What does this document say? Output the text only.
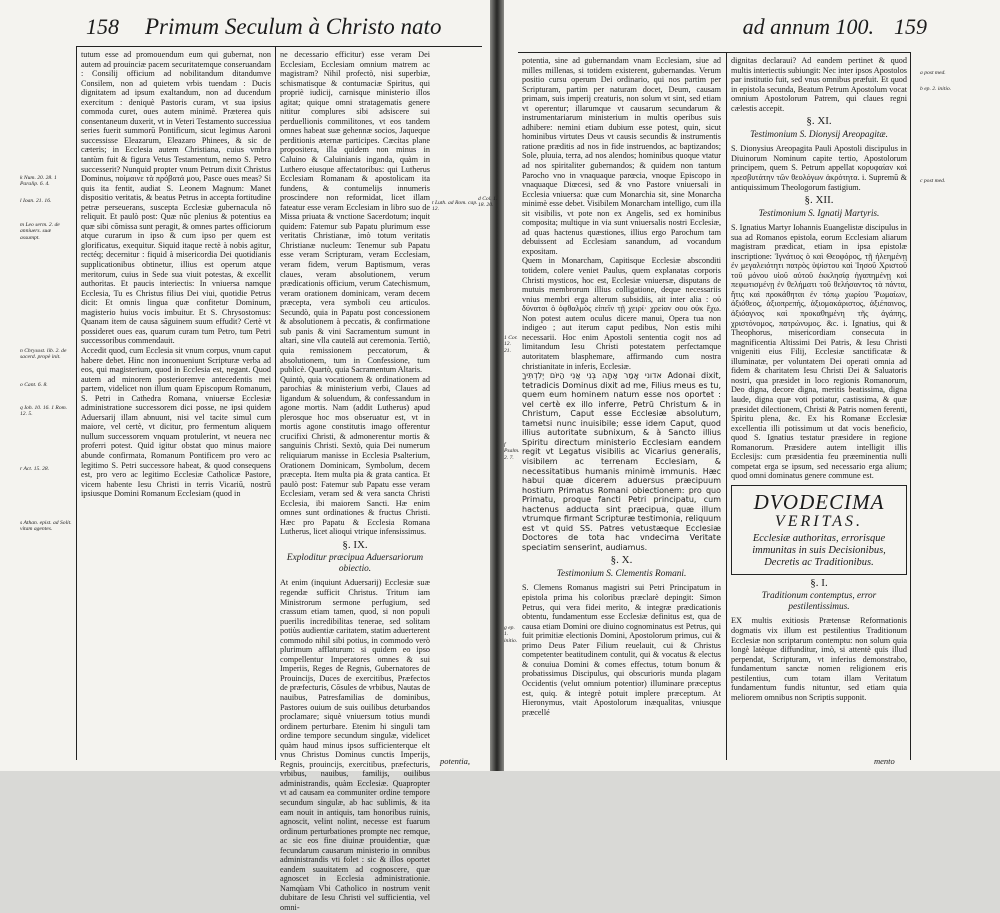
158 Primum Seculum à Christo nato
k Num. 20. 28. 1 Paralip. 6. 4.
l Ioan. 21. 16.
m Leo serm. 2. de anniuers. suæ assumpt.
n Chrysost. lib. 2. de sacerd. propè init.
o Cant. 6. 8.
q Ioh. 10. 16. 1 Rom. 12. 5.
r Act. 15. 28.
s Athan. epist. ad Solit. vitam agentes.
t Luth. ad Rom. cap. 12.

tutum esse ad promouendum eum qui gubernat, non autem ad prouinciæ pacem securitatemque conseruandam : Consilij officium ad nobilitandum ditandumve Consilem, non ad quietem vrbis tuendam : Ducis dignitatem ad ipsum exaltandum, non ad ducendum exercitum : deniquè Pastoris curam, vt sua ipsius commoda curet, oues autem minimè. Præterea quis consentaneum duxerit, vt in Veteri Testamento successiua series fuerit summorū Pontificum, sicut legimus Aaroni successisse Eleazarum, Eleazaro Phinees, & sic de cæteris; in Ecclesia autem Christiana, cuius vmbra tantùm fuit & figura Vetus Testamentum, nemo S. Petro successerit? Nunquid propter vnum Petrum dixit Christus Dominus, ποίμαινε τὰ πρόβατά μου, Pasce oues meas? Si quis ita fentit, audiat S. Leonem Magnum: Manet dispositio veritatis, & beatus Petrus in accepta fortitudine petræ perseuerans, suscepta Ecclesiæ gubernacula nō reliquit. Et paulò post: Quæ nūc plenius & potentius ea quæ sibi cōmissa sunt peragit, & omnes partes officiorum atque curarum in ipso & cum ipso per quem est glorificatus, exequitur. Siquid itaque rectè à nobis agitur, rectéq; decernitur : fiquid à misericordia Dei quotidianis supplicationibus obtinetur, illius est operum atque meritorum, cuius in Sede sua viuit potestas, & excellit authoritas. Et paucis interiectis: In vniuersa namque Ecclesia, Tu es Christus filius Dei viui, quotidie Petrus dicit: Et omnis lingua quæ confitetur Dominum, magisterio huius vocis imbuitur. Et S. Chrysostomus: Quanam item de causa sāguinem suum effudit? Certè vt possideret oues eas, quarum curam tum Petro, tum Petri successoribus commendauit.

Accedit quod, cum Ecclesia sit vnum corpus, vnum caput habere debet. Hinc non inconueniunt Scripturæ verba ad eos, qui magisterium, quod in Ecclesia est, negant. Quod autem ad minorem posterioremve antecedentis mei partem, videlicet non illum quam Episcopum Romanum, S. Petri in Cathedra Romana, vniuersæ Ecclesiæ administratione successorem dici posse, ne ipsi quidem Aduersarij illam abnuunt, nisi vel tacite simul cum maiore, vel certè, vt dicitur, pro fermentum aliquem nullum successorem vnquam protulerint, vt neuera nec proferri potest. Quid igitur obstat quo minus maiore abunde confirmata, Romanum Pontificem pro vero ac legitimo S. Petri successore habeat, & quod consequens est, pro vero ac legitimo Ecclesiæ Catholicæ Pastore, vicem habente Iesu Christi in terris Vicariū, nostrū ipsiusque Domini Romanum Ecclesiam (quod in

ne decessario efficitur) esse veram Dei Ecclesiam, Ecclesiam omnium matrem ac magistram? Nihil profectò, nisi superbiæ, schismatisque & contumaciæ Spiritus, qui propriè iudicij, carnisque ministerio illos agitat; quique omni stratagematis genere nititur complures sibi adsiscere sui perduellionis commilitones, vt eos tandem omnes habeat suæ gehennæ socios, Jaqueque perditionis æternæ participes. Cæcitas plane propositera, illa quidem non minus in Caluino & Caluinianis inganda, quàm in Luthero eiusque affectatoribus: qui Lutherus Ecclesiam Romanam & apostolicam ita fundens, & contumelijs innumeris proscindere non reformidat, licet illam fateatur esse veram Ecclesiam in libro suo de Missa priuata & vnctione Sacerdotum; inquit quidem: Fatemur sub Papatu plurimum esse veritatis Christianæ, imò totum veritatis Christianæ nucleum: Tenemur sub Papatu esse veram Scripturam, veram Ecclesiam, veram fidem, verum Baptismum, veras claues, veram absolutionem, verum prædicationis officium, verum Catechismum, veram orationem dominicam, veram decem præcepta, vera symboli ceu articulos. Secundò, quia in Papatu post concessionem & absolutionem à peccatis, & confirmatione sub panis & vini Sacramentum sumunt in altari, sine vlla cautelâ aut ceremonia. Tertiò, quia remissionem peccatorum, & absolutionem, tum in Confessione, tum publicè. Quartò, quia Sacramentum Altaris.

Quintò, quia vocationem & ordinationem ad parochias & ministerium verbi, Claues ad ligandum & soluendum, & confessandum in agone mortis. Nam (addit Lutherus) apud plerosque hoc mos obseruatur est, vt in mortis agone constitutis imago offerentur crucifixi Christi, & admonerentur mortis & sanguinis Christi. Sextò, quia Dei numerum reliquiarum manisse in Ecclesia Psalterium, Orationem Dominicam, Symbolum, decem præcepta. Item multa pia & grata cantica. Et paulò post: Fatemur sub Papatu esse veram Ecclesiam, veram sed & vera sancta Christi Ecclesia, ibi maiorem Sancti. Hæ enim omnes sunt ordinationes & fructus Christi. Hæc pro Papatu & Ecclesia Romana Lutherus, licet alioqui vtrique infensissimus.

§. IX.
Exploditur præcipua Aduersariorum obiectio.

At enim (inquiunt Aduersarij) Ecclesiæ suæ regendæ sufficit Christus. Tritum iam Ministrorum sermone perfugium, sed crassum etiam tamen, quod, si non populi puerilis incredibilitas tenerae, sed solitam potiùs audientiæ caritatem, statim aduerterent commodo nihil sibi potius, in commodo verò plurimum afflaturum: si quidem eo ipso compellentur Imperatores omnes & sui Imperiis, Reges de Regnis, Gubernatores de Prouincijs, Duces de exercitibus, Præfectos de præfecturis, Cōsules de vrbibus, Nautas de nauibus, Patresfamilias de dominibus, Pastores ouium de suis ouilibus deturbandos proclamare; siquè vniuersum totius mundi ordinem perturbare. Etenim hi singuli tam ordine tempore secundum singulæ, videlicet quàm haud minus ipsos sufficienterque elt vnus Christus Dominus cunctis Imperijs, Regnis, prouincijs, exercitibus, præfecturis, vrbibus, nauibus, familijs, ouilibus administrandis, quàm Ecclesiæ. Quapropter vt ad causam ea communiter ordine tempore secundum singulæ, ab hac sublimis, & ita eam nouit in antiquis, tam honoribus ruinis, agnoscit, velint nolint, necesse est fuarum ordinum perturbationes prompte nec remque, ac sic eos fine diuinæ prouidentiæ, quæ fecundarum causarum ministerio in omnibus administrandis vti folet : sic & illos oportet eandem suauitatem ad cognoscere, quæ agnoscet in Ecclesia administrationie. Namqùam Vbi Catholico in nostrum venit dubitare de Iesu Christi vel sufficientia, vel omni-

potentia,
ad annum 100. 159
a post med.
b ep. 2. initio.
c post med.
d Col. 1. 18. 20.
1 Cor. 12. 21.
f Psalm. 2. 7.
g ep. 1. initio.

potentia, sine ad gubernandam vnam Ecclesiam, siue ad milles millenas, si totidem existerent, gubernandas. Verum positio cursu operum Dei ordinario, qui nos partim per Scripturam, partim per naturam docet, Deum, causam primam, suis imperij creaturis, non solum vt sint, sed etiam vt operentur; illarumque vt causarum secundarum & instrumentariarum ministerium in multis operibus suis adhibere: nemini etiam dubium esse potest, quin, sicut hominibus virtutes Deus vt causis secundis & instrumentis ratione præditis ad nos in fide instruendos, ac baptizandos; Sole, pluuia, terra, ad nos alendos; hominibus quoque vtatur ad nos spiritaliter gubernandos; & quidem non tantum Parocho vno in vnaquaque parœcia, vnoque Episcopo in vnaquaque Diœcesi, sed & vno Pastore vniuersali in Ecclesia vniuersa: quæ cum Monarchia sit, sine Monarcha minimè esse debet. Visibilem Monarcham intelligo, cum illa sit visibilis, vt pote non ex Angelis, sed ex hominibus composita; multique in via sunt vniuersalis nostri Ecclesiæ, ad quas hactenus quæstiones, illius ergo Parochum tam debuissent ad Ecclesiam sanandum, ad vocandum expositam.

Quem in Monarcham, Capitisque Ecclesiæ absconditi totidem, colere veniet Paulus, quem explanatas corporis Christi mysticos, hoc est, Ecclesiæ vniuersæ, disputans de mutuis membrorum illius colligatione, deque necessariis vnius membri erga alterum subsidiis, ait inter alia : οὐ δύναται ὁ ὀφθαλμὸς εἰπεῖν τῇ χειρί· χρείαν σου οὐκ ἔχω. Non potest autem oculus dicere manui, Opera tua non indigeo ; aut iterum caput pedibus, Non estis mihi necessarii. Hoc enim Apostoli sententia cogit nos ad limitandum Iesu Christi potestatem perfectamque autoritatem blasphemare, affirmando cum nostra christianitate in inferis, Ecclesiæ.

אדוני אָמַר אַתָּה בְּנִי אֲנִי הַיּוֹם יְלִדְתִּיךָ Adonai dixit, tetradicis Dominus dixit ad me, Filius meus es tu, quem eum hominem natum esse nos oportet : vel certè ex illo inferre, Petrū Christum & in Christum, Caput esse Ecclesiæ absolutum, tametsi nunc inuisibile; esse idem Caput, quod illius autoritate subnixum, & à Sancto illius Spiritu directum ministerio Ecclesiam eandem regit vt Legatus visibilis ac Vicarius generalis, visibilem ac terrenam Ecclesiam, & necessitatibus humanis minimè immunis. Hæc habui quæ dicerem aduersus præcipuum hostium Primatus Romani obiectionem: pro quo Primatu, proque fancti Petri principatu, cum hactenus adducta sint præcipua, quæ illum vtrumque firmant Scripturæ testimonia, reliquum est vt quid SS. Patres vetustæque Ecclesiæ Doctores de tota hac vndecima Veritate speciatim senserint, audiamus.

§. X.
Testimonium S. Clementis Romani.

S. Clemens Romanus magistri sui Petri Principatum in epistola prima his coloribus præclarè depingit: Simon Petrus, qui vera fidei merito, & integræ prædicationis obtentu, fundamentum esse Ecclesiæ definitus est, qua de causa etiam Domini ore diuino cognominatus est Petrus, qui fuit primitiæ electionis Domini, Apostolorum primus, cui & primo Deus Pater Filium reuelauit, cui & Christus competenter beatitudinem contulit, qui & vocatus & electus & conuiua Domini & comes effectus, totum bonum & probatissimus Discipulus, qui obscurioris munda plagam Occidentis (velut omnium potentior) illuminare præceptus est, quiq. & integrè potuit implere præceptum. At Hieronymus, vtait Apostolorum inæqualitas, vniusque præcellé

dignitas declaraui? Ad eandem pertinet & quod multis interiectis subiungit: Nec inter ipsos Apostolos par institutio fuit, sed vnus omnibus præfuit. Et quod in epistola secunda, Beatum Petrum Apostolum vocat omnium Apostolorum Patrem, qui claues regni cælestis accepit.

§. XI.
Testimonium S. Dionysij Areopagitæ.

S. Dionysius Areopagita Pauli Apostoli discipulus in Diuinorum Nominum capite tertio, Apostolorum principem, quem S. Petrum appellat κορυφαίαν καὶ πρεσβυτάτην τῶν θεολόγων ἀκρότητα. i. Supremū & antiquissimum Theologorum fastigium.

§. XII.
Testimonium S. Ignatij Martyris.

S. Ignatius Martyr Iohannis Euangelistæ discipulus in sua ad Romanos epistola, eorum Ecclesiam aliarum magistram prædicat, etiam in ipsa epistolæ inscriptione: Ἰγνάτιος ὁ καὶ Θεοφόρος, τῇ ἠλεημένῃ ἐν μεγαλειότητι πατρὸς ὑψίστου καὶ Ἰησοῦ Χριστοῦ τοῦ μόνου υἱοῦ αὐτοῦ ἐκκλησίᾳ ἠγαπημένῃ καὶ πεφωτισμένῃ ἐν θελήματι τοῦ θελήσαντος τὰ πάντα, ἥτις καὶ προκάθηται ἐν τόπῳ χωρίου Ῥωμαίων, ἀξιόθεος, ἀξιοπρεπής, ἀξιομακάριστος, ἀξιέπαινος, ἀξιόαγνος καὶ προκαθημένη τῆς ἀγάπης, χριστόνομος, πατρώνυμος. &c. i. Ignatius, qui & Theophorus, misericordiam consecuta in magnificentia Altissimi Dei Patris, & Iesu Christi vnigeniti eius Filij, Ecclesiæ sanctificatæ & illuminatæ, per voluntatem Dei operati omnia ad fidem & charitatem Iesu Christi Dei & Saluatoris nostri, qua præsidet in loco regionis Romanorum, Deo digna, decore digna, meritis beatissima, digna laude, digna quæ voti potiatur, castissima, & quæ præsidet dilectionem, Christi & Patris nomen ferenti, Spiritu plena, &c. Ex his Romanæ Ecclesiæ excellentia illi potissimum ut dat vocis beneficio, quod S. Ignatius testatur præsidere in regione Romanorum. Præsidere autem intelligit illis Ecclesijs: cum præsidentia feu præeminentia nulli competat erga se ipsum, sed necessario erga alium; quod omni dominatus genere commune est.

DVODECIMA
VERITAS.
Ecclesiæ authoritas, errorisque immunitas in suis Decisionibus, Decretis ac Traditionibus.
§. I.
Traditionum contemptus, error pestilentissimus.

EX multis exitiosis Prætensæ Reformationis dogmatis vix illum est pestilentius Traditionum Ecclesiæ non scriptarum contemptu: non solum quia longè latèque diffunditur, imò, si attentè quis illud perpendat, Scripturam, vt inferius demonstrabo, fundamentum sanctæ nomen religionem eris pestilentius, cum totam illam Veritatum fundamentum fundis nituntur, sed etiam quia meliorem omnibus non Scriptis supponit.

mento
